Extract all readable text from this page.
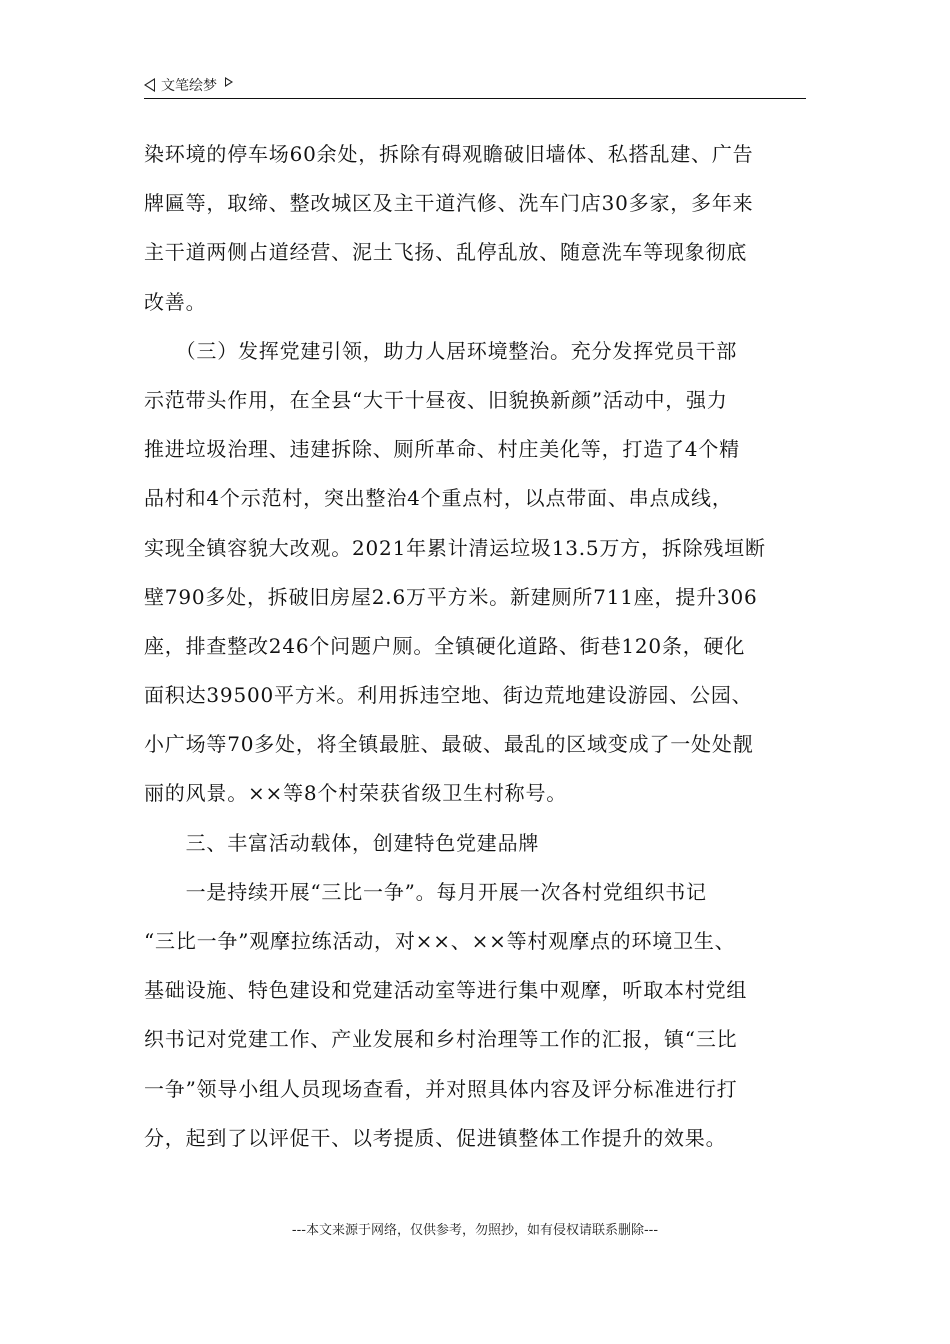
文笔绘梦
染环境的停车场60余处，拆除有碍观瞻破旧墙体、私搭乱建、广告
牌匾等，取缔、整改城区及主干道汽修、洗车门店30多家，多年来
主干道两侧占道经营、泥土飞扬、乱停乱放、随意洗车等现象彻底
改善。
　　（三）发挥党建引领，助力人居环境整治。充分发挥党员干部
示范带头作用，在全县“大干十昼夜、旧貌换新颜”活动中，强力
推进垃圾治理、违建拆除、厕所革命、村庄美化等，打造了4个精
品村和4个示范村，突出整治4个重点村，以点带面、串点成线，
实现全镇容貌大改观。2021年累计清运垃圾13.5万方，拆除残垣断
壁790多处，拆破旧房屋2.6万平方米。新建厕所711座，提升306
座，排查整改246个问题户厕。全镇硬化道路、街巷120条，硬化
面积达39500平方米。利用拆违空地、街边荒地建设游园、公园、
小广场等70多处，将全镇最脏、最破、最乱的区域变成了一处处靓
丽的风景。××等8个村荣获省级卫生村称号。
　　三、丰富活动载体，创建特色党建品牌
　　一是持续开展“三比一争”。每月开展一次各村党组织书记
“三比一争”观摩拉练活动，对××、××等村观摩点的环境卫生、
基础设施、特色建设和党建活动室等进行集中观摩，听取本村党组
织书记对党建工作、产业发展和乡村治理等工作的汇报，镇“三比
一争”领导小组人员现场查看，并对照具体内容及评分标准进行打
分，起到了以评促干、以考提质、促进镇整体工作提升的效果。
---本文来源于网络，仅供参考，勿照抄，如有侵权请联系删除---
